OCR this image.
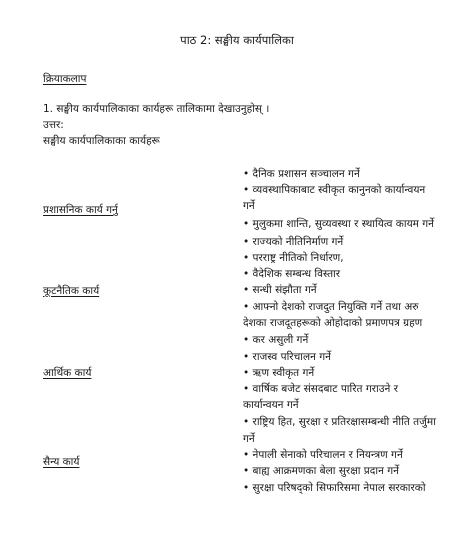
पाठ 2: सङ्घीय कार्यपालिका
क्रियाकलाप
1. सङ्घीय कार्यपालिकाका कार्यहरू तालिकामा देखाउनुहोस् ।
उत्तर:
सङ्घीय कार्यपालिकाका कार्यहरू
प्रशासनिक कार्य गर्नु
• दैनिक प्रशासन सञ्चालन गर्ने
• व्यवस्थापिकाबाट स्वीकृत कानुनको कार्यान्वयन
गर्ने
• मुलुकमा शान्ति, सुव्यवस्था र स्थायित्व कायम गर्ने
• राज्यको नीतिनिर्माण गर्ने
कूटनैतिक कार्य
• परराष्ट्र नीतिको निर्धारण,
• वैदेशिक सम्बन्ध विस्तार
• सन्धी संझौता गर्ने
• आफ्नो देशको राजदुत नियुक्ति गर्ने तथा अरु
देशका राजदूतहरूको ओहोदाको प्रमाणपत्र ग्रहण
आर्थिक कार्य
• कर असुली गर्ने
• राजस्व परिचालन गर्ने
• ऋण स्वीकृत गर्ने
• वार्षिक बजेट संसदबाट पारित गराउने र
कार्यान्वयन गर्ने
सैन्य कार्य
• राष्ट्रिय हित, सुरक्षा र प्रतिरक्षासम्बन्धी नीति तर्जुमा
गर्ने
• नेपाली सेनाको परिचालन र नियन्त्रण गर्ने
• बाह्य आक्रमणका बेला सुरक्षा प्रदान गर्ने
• सुरक्षा परिषद्को सिफारिसमा नेपाल सरकारको
